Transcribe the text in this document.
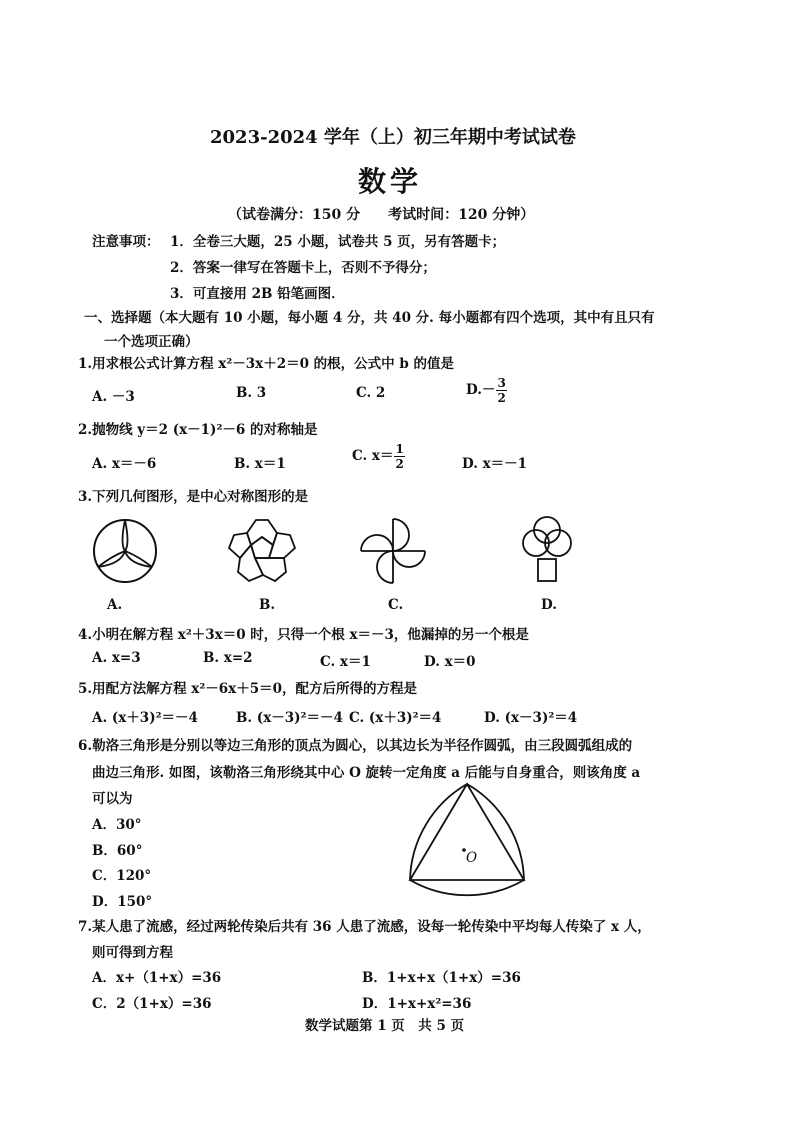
2023-2024 学年（上）初三年期中考试试卷
数学
（试卷满分：150 分　　考试时间：120 分钟）
注意事项： 1．全卷三大题，25 小题，试卷共 5 页，另有答题卡；
2．答案一律写在答题卡上，否则不予得分；
3．可直接用 2B 铅笔画图．
一、选择题（本大题有 10 小题，每小题 4 分，共 40 分. 每小题都有四个选项，其中有且只有
一个选项正确）
1.用求根公式计算方程 x²－3x＋2＝0 的根，公式中 b 的值是
A. －3	B. 3	C. 2	$D.- \frac{3}{2}$
2.抛物线 y＝2 (x－1)²－6 的对称轴是
A. x＝－6	B. x＝1	C. $x= \frac{1}{2}$	D. x＝－1
3.下列几何图形，是中心对称图形的是
A.	B.	C.	D.
4.小明在解方程 x²＋3x＝0 时，只得一个根 x＝－3，他漏掉的另一个根是
A. x=3	B. x=2	C. x＝1	D. x＝0
5.用配方法解方程 x²－6x＋5＝0，配方后所得的方程是
A. (x＋3)²＝－4	B. (x－3)²＝－4 C. (x＋3)²＝4	D. (x－3)²＝4
6.勒洛三角形是分别以等边三角形的顶点为圆心，以其边长为半径作圆弧，由三段圆弧组成的
曲边三角形. 如图，该勒洛三角形绕其中心 O 旋转一定角度 a 后能与自身重合，则该角度 a
可以为
A．30°
B．60°
C．120°
D．150°
O
7.某人患了流感，经过两轮传染后共有 36 人患了流感，设每一轮传染中平均每人传染了 x 人，
则可得到方程
A．x+（1+x）=36	B．1+x+x（1+x）=36
C．2（1+x）=36	D．1+x+x²=36
数学试题第 1 页　共 5 页
